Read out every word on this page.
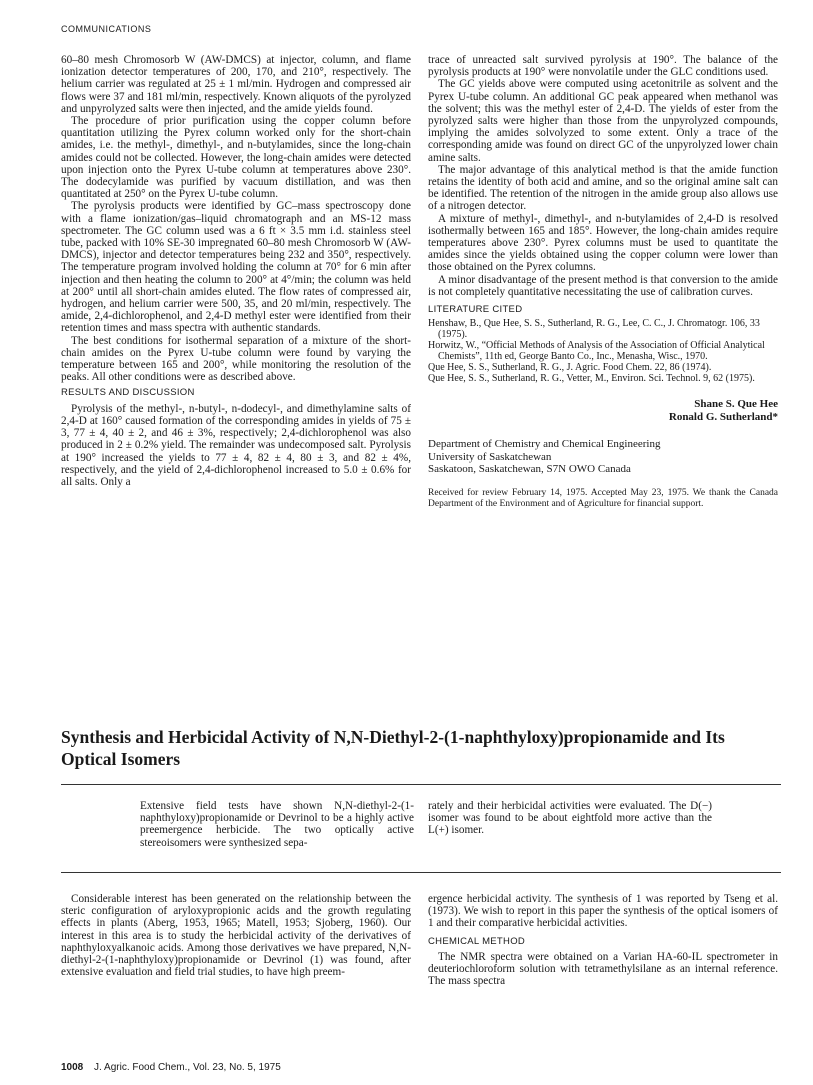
COMMUNICATIONS

60–80 mesh Chromosorb W (AW-DMCS) at injector, column, and flame ionization detector temperatures of 200, 170, and 210°, respectively. The helium carrier was regulated at 25 ± 1 ml/min. Hydrogen and compressed air flows were 37 and 181 ml/min, respectively. Known aliquots of the pyrolyzed and unpyrolyzed salts were then injected, and the amide yields found.

The procedure of prior purification using the copper column before quantitation utilizing the Pyrex column worked only for the short-chain amides, i.e. the methyl-, dimethyl-, and n-butylamides, since the long-chain amides could not be collected. However, the long-chain amides were detected upon injection onto the Pyrex U-tube column at temperatures above 230°. The dodecylamide was purified by vacuum distillation, and was then quantitated at 250° on the Pyrex U-tube column.

The pyrolysis products were identified by GC–mass spectroscopy done with a flame ionization/gas–liquid chromatograph and an MS-12 mass spectrometer. The GC column used was a 6 ft × 3.5 mm i.d. stainless steel tube, packed with 10% SE-30 impregnated 60–80 mesh Chromosorb W (AW-DMCS), injector and detector temperatures being 232 and 350°, respectively. The temperature program involved holding the column at 70° for 6 min after injection and then heating the column to 200° at 4°/min; the column was held at 200° until all short-chain amides eluted. The flow rates of compressed air, hydrogen, and helium carrier were 500, 35, and 20 ml/min, respectively. The amide, 2,4-dichlorophenol, and 2,4-D methyl ester were identified from their retention times and mass spectra with authentic standards.

The best conditions for isothermal separation of a mixture of the short-chain amides on the Pyrex U-tube column were found by varying the temperature between 165 and 200°, while monitoring the resolution of the peaks. All other conditions were as described above.

RESULTS AND DISCUSSION

Pyrolysis of the methyl-, n-butyl-, n-dodecyl-, and dimethylamine salts of 2,4-D at 160° caused formation of the corresponding amides in yields of 75 ± 3, 77 ± 4, 40 ± 2, and 46 ± 3%, respectively; 2,4-dichlorophenol was also produced in 2 ± 0.2% yield. The remainder was undecomposed salt. Pyrolysis at 190° increased the yields to 77 ± 4, 82 ± 4, 80 ± 3, and 82 ± 4%, respectively, and the yield of 2,4-dichlorophenol increased to 5.0 ± 0.6% for all salts. Only a

trace of unreacted salt survived pyrolysis at 190°. The balance of the pyrolysis products at 190° were nonvolatile under the GLC conditions used.

The GC yields above were computed using acetonitrile as solvent and the Pyrex U-tube column. An additional GC peak appeared when methanol was the solvent; this was the methyl ester of 2,4-D. The yields of ester from the pyrolyzed salts were higher than those from the unpyrolyzed compounds, implying the amides solvolyzed to some extent. Only a trace of the corresponding amide was found on direct GC of the unpyrolyzed lower chain amine salts.

The major advantage of this analytical method is that the amide function retains the identity of both acid and amine, and so the original amine salt can be identified. The retention of the nitrogen in the amide group also allows use of a nitrogen detector.

A mixture of methyl-, dimethyl-, and n-butylamides of 2,4-D is resolved isothermally between 165 and 185°. However, the long-chain amides require temperatures above 230°. Pyrex columns must be used to quantitate the amides since the yields obtained using the copper column were lower than those obtained on the Pyrex columns.

A minor disadvantage of the present method is that conversion to the amide is not completely quantitative necessitating the use of calibration curves.

LITERATURE CITED

Henshaw, B., Que Hee, S. S., Sutherland, R. G., Lee, C. C., J. Chromatogr. 106, 33 (1975).

Horwitz, W., “Official Methods of Analysis of the Association of Official Analytical Chemists”, 11th ed, George Banto Co., Inc., Menasha, Wisc., 1970.

Que Hee, S. S., Sutherland, R. G., J. Agric. Food Chem. 22, 86 (1974).

Que Hee, S. S., Sutherland, R. G., Vetter, M., Environ. Sci. Technol. 9, 62 (1975).

Shane S. Que Hee
Ronald G. Sutherland*
Department of Chemistry and Chemical Engineering
University of Saskatchewan
Saskatoon, Saskatchewan, S7N OWO Canada
Received for review February 14, 1975. Accepted May 23, 1975. We thank the Canada Department of the Environment and of Agriculture for financial support.
Synthesis and Herbicidal Activity of N,N-Diethyl-2-(1-naphthyloxy)propionamide and Its Optical Isomers
Extensive field tests have shown N,N-diethyl-2-(1-naphthyloxy)propionamide or Devrinol to be a highly active preemergence herbicide. The two optically active stereoisomers were synthesized sepa-
rately and their herbicidal activities were evaluated. The D(−) isomer was found to be about eightfold more active than the L(+) isomer.

Considerable interest has been generated on the relationship between the steric configuration of aryloxypropionic acids and the growth regulating effects in plants (Aberg, 1953, 1965; Matell, 1953; Sjoberg, 1960). Our interest in this area is to study the herbicidal activity of the derivatives of naphthyloxyalkanoic acids. Among those derivatives we have prepared, N,N-diethyl-2-(1-naphthyloxy)propionamide or Devrinol (1) was found, after extensive evaluation and field trial studies, to have high preem-

ergence herbicidal activity. The synthesis of 1 was reported by Tseng et al. (1973). We wish to report in this paper the synthesis of the optical isomers of 1 and their comparative herbicidal activities.

CHEMICAL METHOD

The NMR spectra were obtained on a Varian HA-60-IL spectrometer in deuteriochloroform solution with tetramethylsilane as an internal reference. The mass spectra

1008 J. Agric. Food Chem., Vol. 23, No. 5, 1975
